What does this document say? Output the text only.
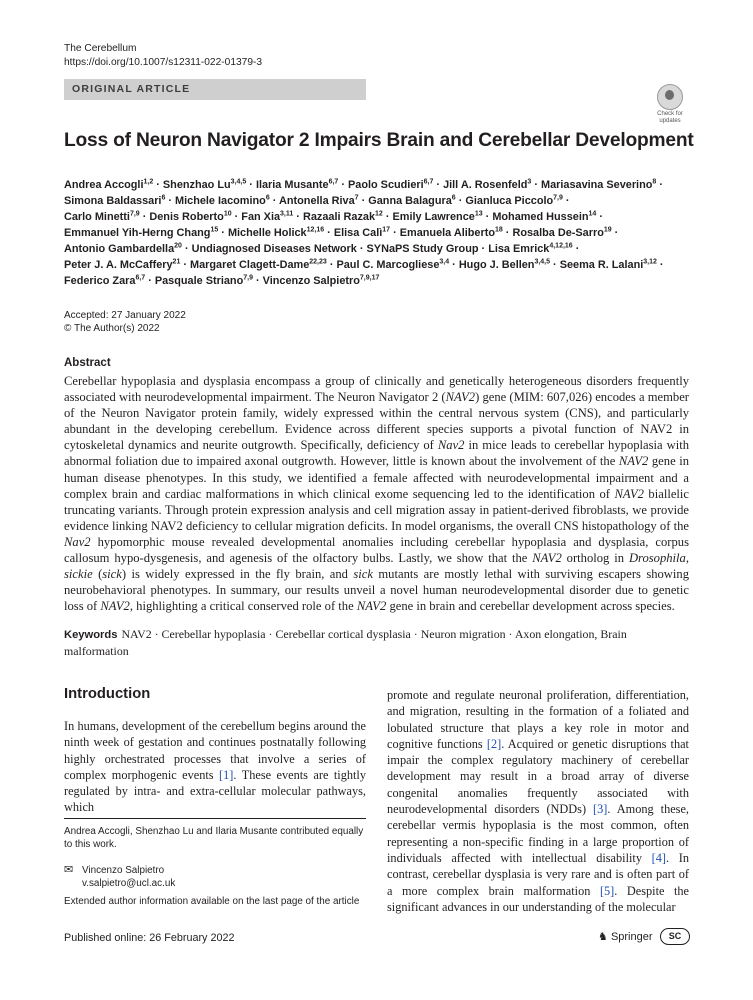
The Cerebellum
https://doi.org/10.1007/s12311-022-01379-3
ORIGINAL ARTICLE
Check for
updates
Loss of Neuron Navigator 2 Impairs Brain and Cerebellar Development
Andrea Accogli$^{1,2}$ · Shenzhao Lu$^{3,4,5}$ · Ilaria Musante$^{6,7}$ · Paolo Scudieri$^{6,7}$ · Jill A. Rosenfeld$^3$ · Mariasavina Severino$^8$ ·
Simona Baldassari$^6$ · Michele Iacomino$^6$ · Antonella Riva$^7$ · Ganna Balagura$^6$ · Gianluca Piccolo$^{7,9}$ ·
Carlo Minetti$^{7,9}$ · Denis Roberto$^{10}$ · Fan Xia$^{3,11}$ · Razaali Razak$^{12}$ · Emily Lawrence$^{13}$ · Mohamed Hussein$^{14}$ ·
Emmanuel Yih-Herng Chang$^{15}$ · Michelle Holick$^{12,16}$ · Elisa Calì$^{17}$ · Emanuela Aliberto$^{18}$ · Rosalba De-Sarro$^{19}$ ·
Antonio Gambardella$^{20}$ · Undiagnosed Diseases Network · SYNaPS Study Group · Lisa Emrick$^{4,12,16}$ ·
Peter J. A. McCaffery$^{21}$ · Margaret Clagett-Dame$^{22,23}$ · Paul C. Marcogliese$^{3,4}$ · Hugo J. Bellen$^{3,4,5}$ · Seema R. Lalani$^{3,12}$ ·
Federico Zara$^{6,7}$ · Pasquale Striano$^{7,9}$ · Vincenzo Salpietro$^{7,9,17}$
Accepted: 27 January 2022
© The Author(s) 2022
Abstract
Cerebellar hypoplasia and dysplasia encompass a group of clinically and genetically heterogeneous disorders frequently associated with neurodevelopmental impairment. The Neuron Navigator 2 (NAV2) gene (MIM: 607,026) encodes a member of the Neuron Navigator protein family, widely expressed within the central nervous system (CNS), and particularly abundant in the developing cerebellum. Evidence across different species supports a pivotal function of NAV2 in cytoskeletal dynamics and neurite outgrowth. Specifically, deficiency of Nav2 in mice leads to cerebellar hypoplasia with abnormal foliation due to impaired axonal outgrowth. However, little is known about the involvement of the NAV2 gene in human disease phenotypes. In this study, we identified a female affected with neurodevelopmental impairment and a complex brain and cardiac malformations in which clinical exome sequencing led to the identification of NAV2 biallelic truncating variants. Through protein expression analysis and cell migration assay in patient-derived fibroblasts, we provide evidence linking NAV2 deficiency to cellular migration deficits. In model organisms, the overall CNS histopathology of the Nav2 hypomorphic mouse revealed developmental anomalies including cerebellar hypoplasia and dysplasia, corpus callosum hypo-dysgenesis, and agenesis of the olfactory bulbs. Lastly, we show that the NAV2 ortholog in Drosophila, sickie (sick) is widely expressed in the fly brain, and sick mutants are mostly lethal with surviving escapers showing neurobehavioral phenotypes. In summary, our results unveil a novel human neurodevelopmental disorder due to genetic loss of NAV2, highlighting a critical conserved role of the NAV2 gene in brain and cerebellar development across species.
Keywords NAV2 · Cerebellar hypoplasia · Cerebellar cortical dysplasia · Neuron migration · Axon elongation, Brain malformation
Introduction
In humans, development of the cerebellum begins around the ninth week of gestation and continues postnatally following highly orchestrated processes that involve a series of complex morphogenic events [1]. These events are tightly regulated by intra- and extra-cellular molecular pathways, which
promote and regulate neuronal proliferation, differentiation, and migration, resulting in the formation of a foliated and lobulated structure that plays a key role in motor and cognitive functions [2]. Acquired or genetic disruptions that impair the complex regulatory machinery of cerebellar development may result in a broad array of diverse congenital anomalies frequently associated with neurodevelopmental disorders (NDDs) [3]. Among these, cerebellar vermis hypoplasia is the most common, often representing a non-specific finding in a large proportion of individuals affected with intellectual disability [4]. In contrast, cerebellar dysplasia is very rare and is often part of a more complex brain malformation [5]. Despite the significant advances in our understanding of the molecular
Andrea Accogli, Shenzhao Lu and Ilaria Musante contributed equally to this work.
✉ Vincenzo Salpietro
v.salpietro@ucl.ac.uk
Extended author information available on the last page of the article
Published online: 26 February 2022	♞ Springer	SC
